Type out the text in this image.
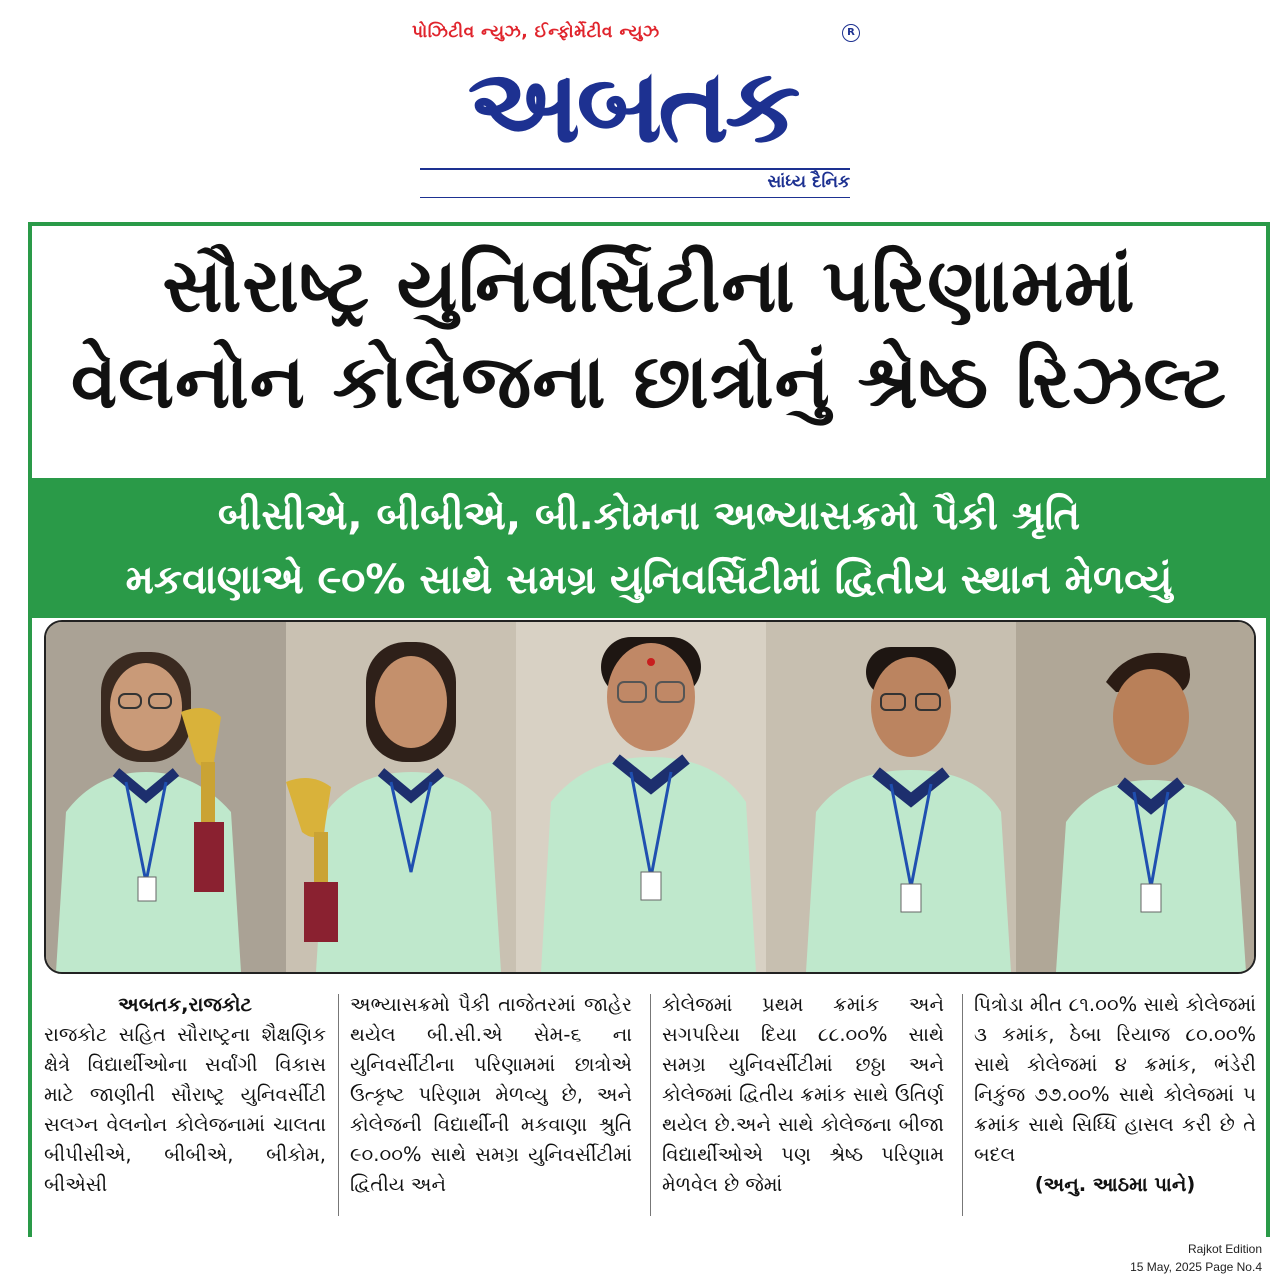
પોઝિટીવ ન્યુઝ, ઈન્ફોર્મેટીવ ન્યુઝ
અબતક
R
સાંધ્ય દૈનિક
સૌરાષ્ટ્ર યુનિવર્સિટીના પરિણામમાં
વેલનોન કોલેજના છાત્રોનું શ્રેષ્ઠ રિઝલ્ટ
બીસીએ, બીબીએ, બી.કોમના અભ્યાસક્રમો પૈકી શ્રૃતિ
મકવાણાએ ૯૦% સાથે સમગ્ર યુનિવર્સિટીમાં દ્વિતીય સ્થાન મેળવ્યું
અબતક,રાજકોટ
રાજકોટ સહિત સૌરાષ્ટ્રના શૈક્ષણિક ક્ષેત્રે વિદ્યાર્થીઓના સર્વાંગી વિકાસ માટે જાણીતી સૌરાષ્ટ્ર યુનિવર્સીટી સલગ્ન વેલનોન કોલેજનામાં ચાલતા બીપીસીએ, બીબીએ, બીકોમ, બીએસી
અભ્યાસક્રમો પૈકી તાજેતરમાં જાહેર થયેલ બી.સી.એ સેમ-૬ ના યુનિવર્સીટીના પરિણામમાં છાત્રોએ ઉત્કૃષ્ટ પરિણામ મેળવ્યુ છે, અને કોલેજની વિદ્યાર્થીની મકવાણા શ્રુતિ ૯૦.૦૦% સાથે સમગ્ર યુનિવર્સીટીમાં દ્વિતીય અને
કોલેજમાં પ્રથમ ક્રમાંક અને સગપરિયા દિયા ૮૮.૦૦% સાથે સમગ્ર યુનિવર્સીટીમાં છઠ્ઠા અને કોલેજમાં દ્વિતીય ક્રમાંક સાથે ઉતિર્ણ થયેલ છે.અને સાથે કોલેજના બીજા વિદ્યાર્થીઓએ પણ શ્રેષ્ઠ પરિણામ મેળવેલ છે જેમાં
પિત્રોડા મીત ૮૧.૦૦% સાથે કોલેજમાં ૩ કમાંક, ઠેબા રિયાજ ૮૦.૦૦% સાથે કોલેજમાં ૪ ક્રમાંક, ભંડેરી નિકુંજ ૭૭.૦૦% સાથે કોલેજમાં ૫ ક્રમાંક સાથે સિધ્ધિ હાસલ કરી છે તે બદલ
(અનુ. આઠમા પાને)
Rajkot Edition
15 May, 2025 Page No.4
